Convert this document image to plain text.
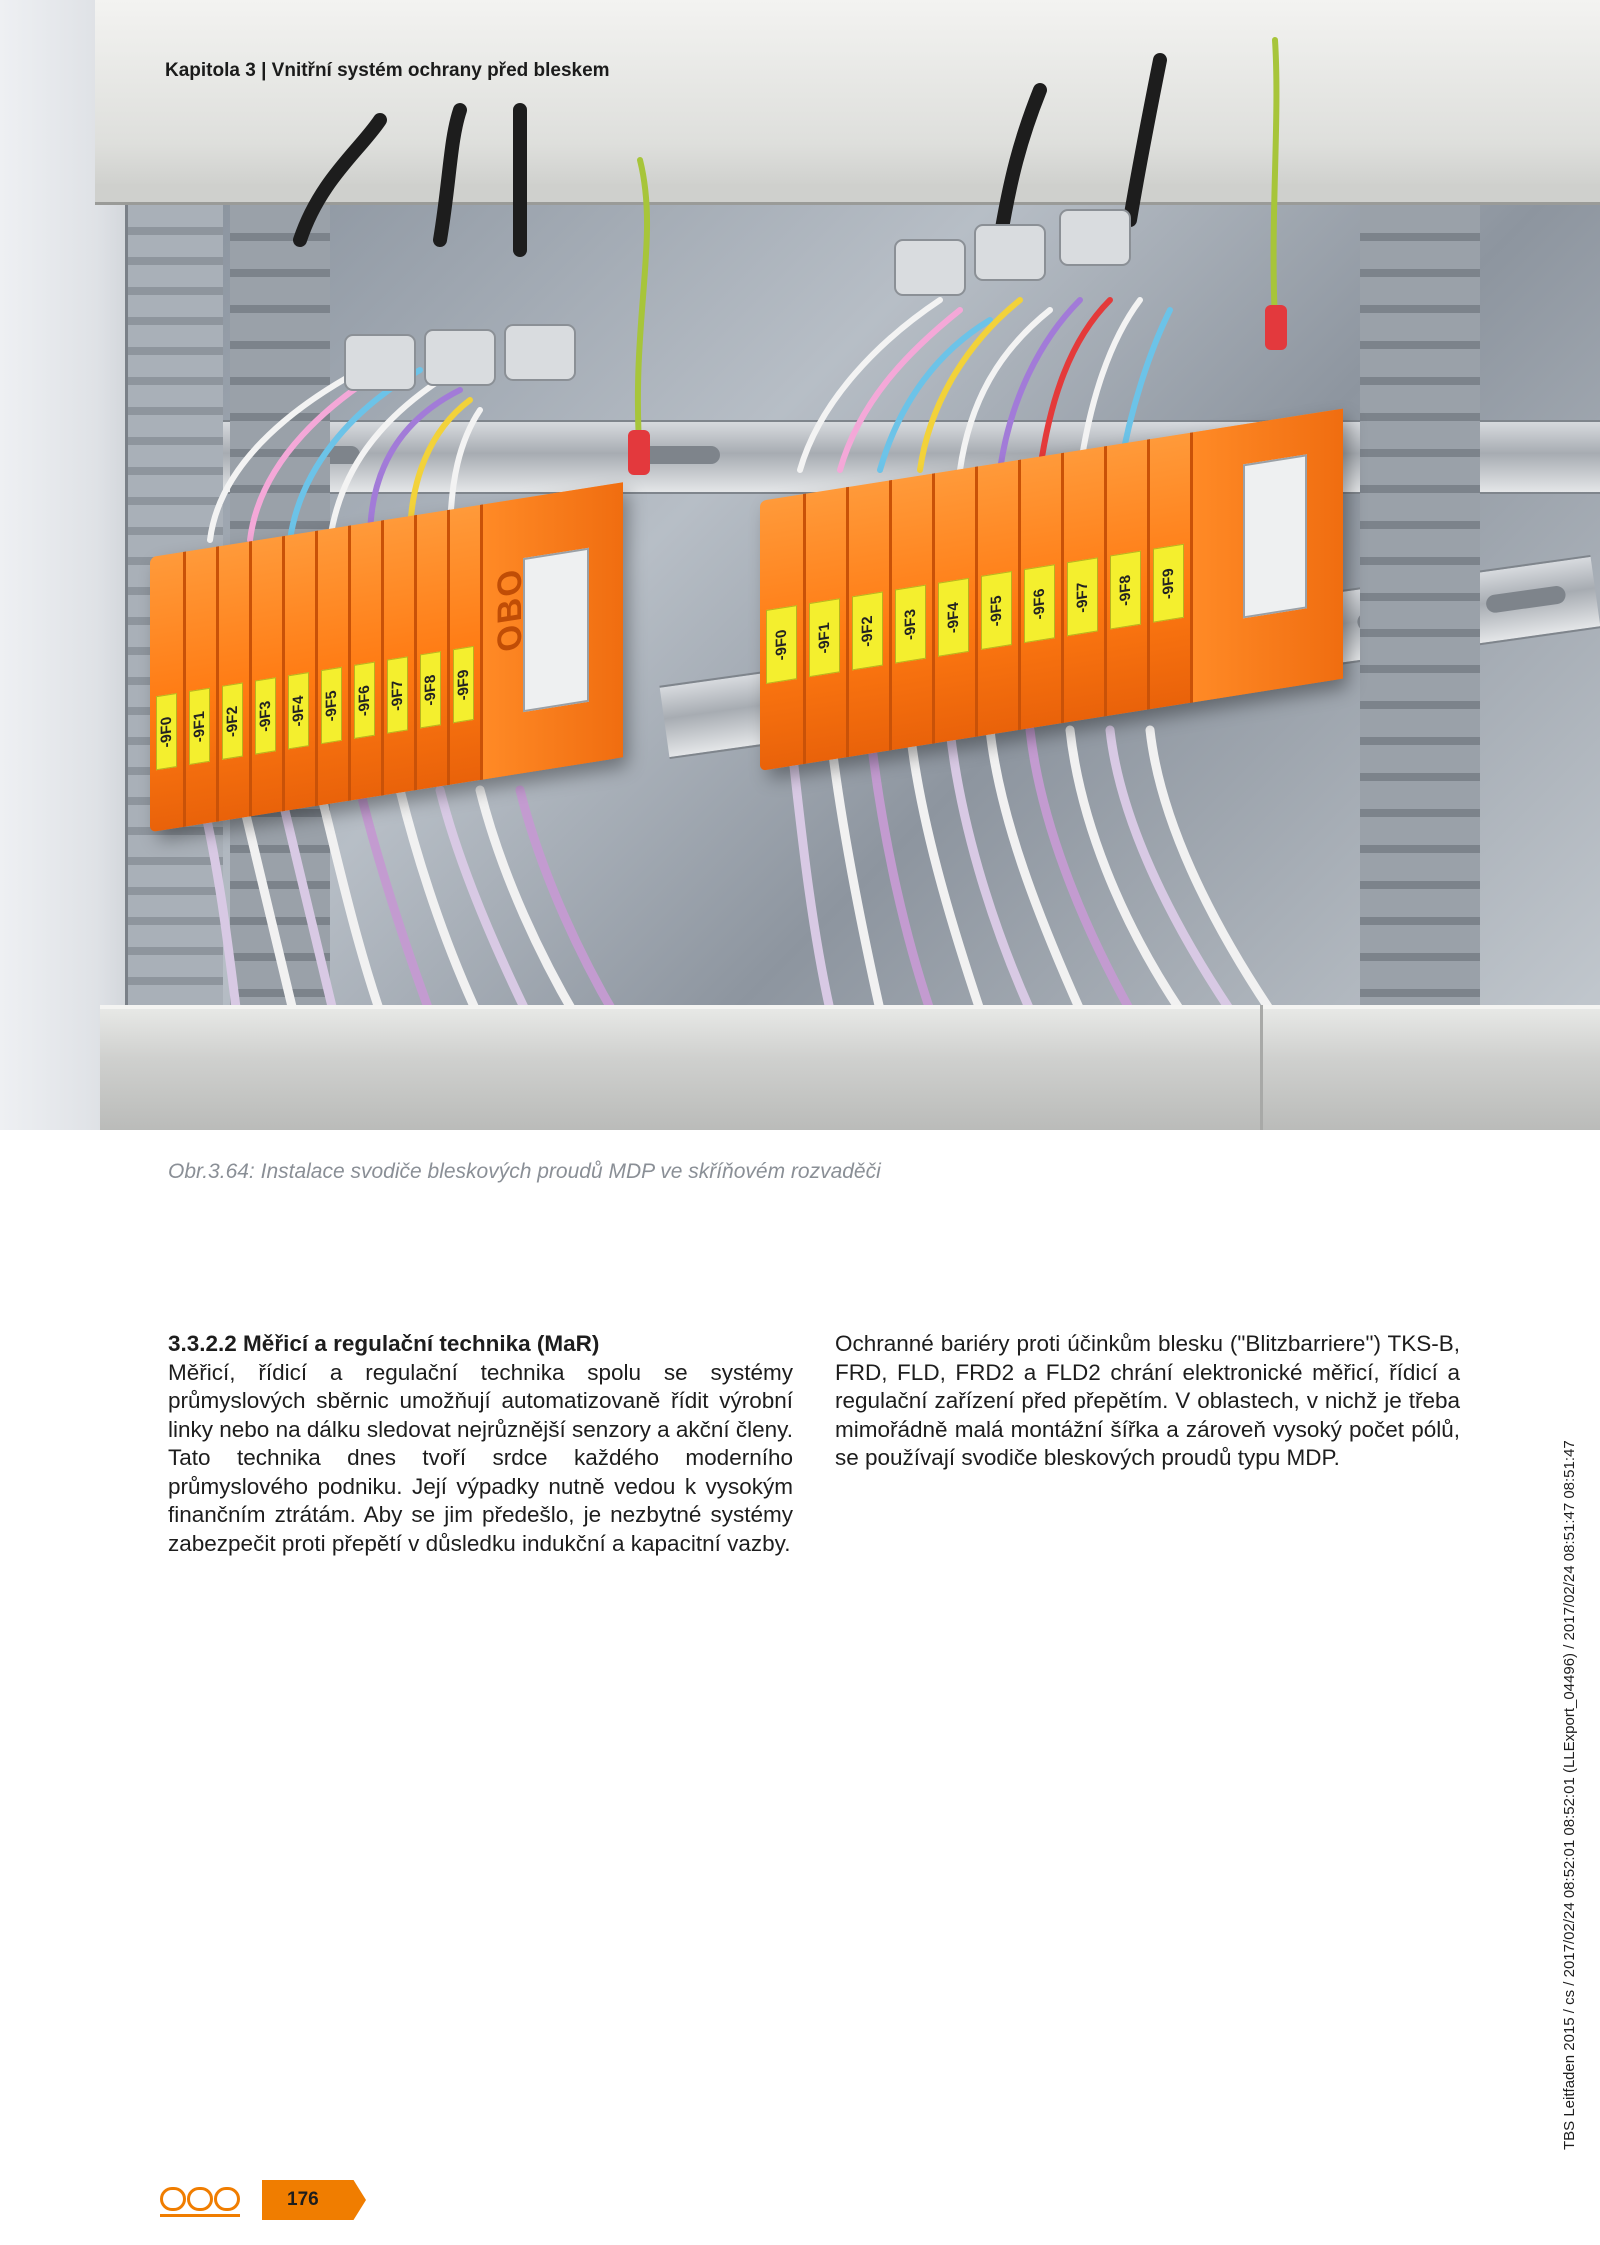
-9F0 -9F1 -9F2 -9F3 -9F4 -9F5 -9F6 -9F7 -9F8 -9F9
OBO	-9F0 -9F1 -9F2 -9F3 -9F4 -9F5 -9F6 -9F7 -9F8 -9F9
Kapitola 3 | Vnitřní systém ochrany před bleskem
Obr.3.64: Instalace svodiče bleskových proudů MDP ve skříňovém rozvaděči
3.3.2.2 Měřicí a regulační technika (MaR)
Měřicí, řídicí a regulační technika spolu se systémy průmyslových sběrnic umožňují automatizovaně řídit výrobní linky nebo na dálku sledovat nejrůznější senzory a akční členy. Tato technika dnes tvoří srdce každého moderního průmyslového podniku. Její výpadky nutně vedou k vysokým finančním ztrátám. Aby se jim předešlo, je nezbytné systémy zabezpečit proti přepětí v důsledku indukční a kapacitní vazby.
Ochranné bariéry proti účinkům blesku ("Blitzbarriere") TKS-B, FRD, FLD, FRD2 a FLD2 chrání elektronické měřicí, řídicí a regulační zařízení před přepětím. V oblastech, v nichž je třeba mimořádně malá montážní šířka a zároveň vysoký počet pólů, se používají svodiče bleskových proudů typu MDP.	TBS Leitfaden 2015 / cs / 2017/02/24 08:52:01 08:52:01 (LLExport_04496) / 2017/02/24 08:51:47 08:51:47
176
